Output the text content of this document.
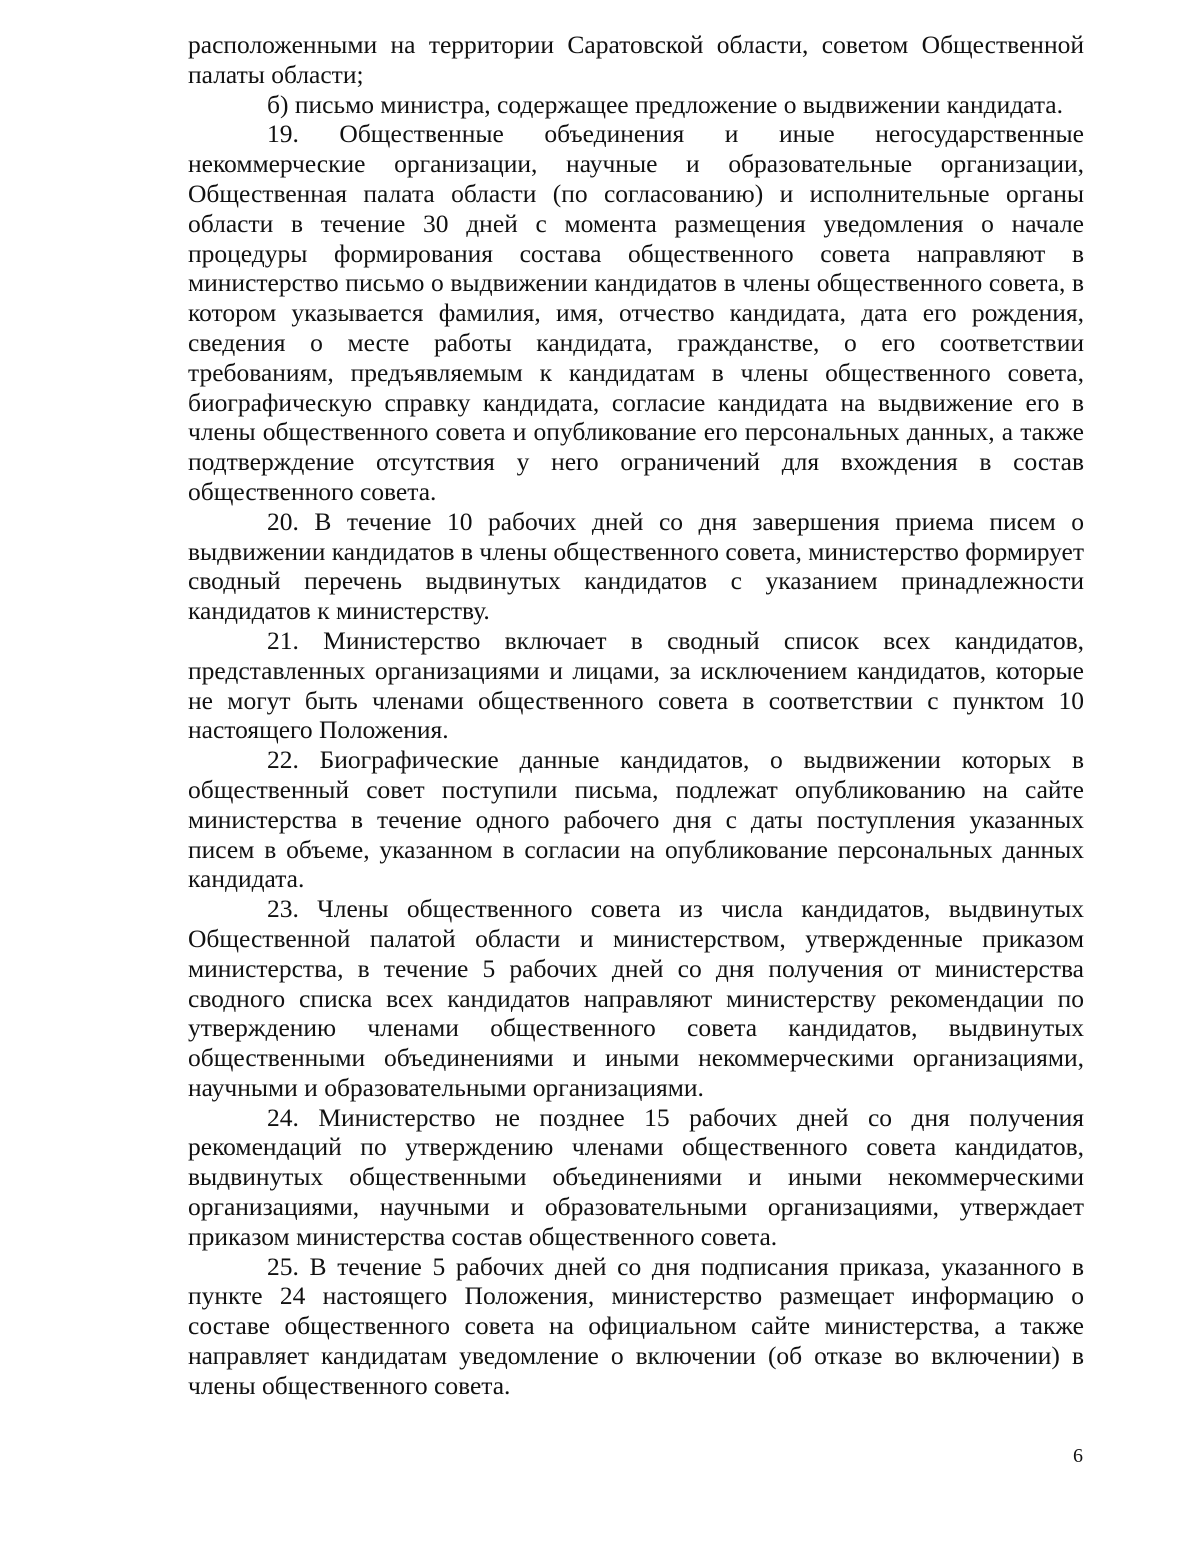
расположенными на территории Саратовской области, советом Общественной палаты области;

б) письмо министра, содержащее предложение о выдвижении кандидата.

19. Общественные объединения и иные негосударственные некоммерческие организации, научные и образовательные организации, Общественная палата области (по согласованию) и исполнительные органы области в течение 30 дней с момента размещения уведомления о начале процедуры формирования состава общественного совета направляют в министерство письмо о выдвижении кандидатов в члены общественного совета, в котором указывается фамилия, имя, отчество кандидата, дата его рождения, сведения о месте работы кандидата, гражданстве, о его соответствии требованиям, предъявляемым к кандидатам в члены общественного совета, биографическую справку кандидата, согласие кандидата на выдвижение его в члены общественного совета и опубликование его персональных данных, а также подтверждение отсутствия у него ограничений для вхождения в состав общественного совета.

20. В течение 10 рабочих дней со дня завершения приема писем о выдвижении кандидатов в члены общественного совета, министерство формирует сводный перечень выдвинутых кандидатов с указанием принадлежности кандидатов к министерству.

21. Министерство включает в сводный список всех кандидатов, представленных организациями и лицами, за исключением кандидатов, которые не могут быть членами общественного совета в соответствии с пунктом 10 настоящего Положения.

22. Биографические данные кандидатов, о выдвижении которых в общественный совет поступили письма, подлежат опубликованию на сайте министерства в течение одного рабочего дня с даты поступления указанных писем в объеме, указанном в согласии на опубликование персональных данных кандидата.

23. Члены общественного совета из числа кандидатов, выдвинутых Общественной палатой области и министерством, утвержденные приказом министерства, в течение 5 рабочих дней со дня получения от министерства сводного списка всех кандидатов направляют министерству рекомендации по утверждению членами общественного совета кандидатов, выдвинутых общественными объединениями и иными некоммерческими организациями, научными и образовательными организациями.

24. Министерство не позднее 15 рабочих дней со дня получения рекомендаций по утверждению членами общественного совета кандидатов, выдвинутых общественными объединениями и иными некоммерческими организациями, научными и образовательными организациями, утверждает приказом министерства состав общественного совета.

25. В течение 5 рабочих дней со дня подписания приказа, указанного в пункте 24 настоящего Положения, министерство размещает информацию о составе общественного совета на официальном сайте министерства, а также направляет кандидатам уведомление о включении (об отказе во включении) в члены общественного совета.

6
